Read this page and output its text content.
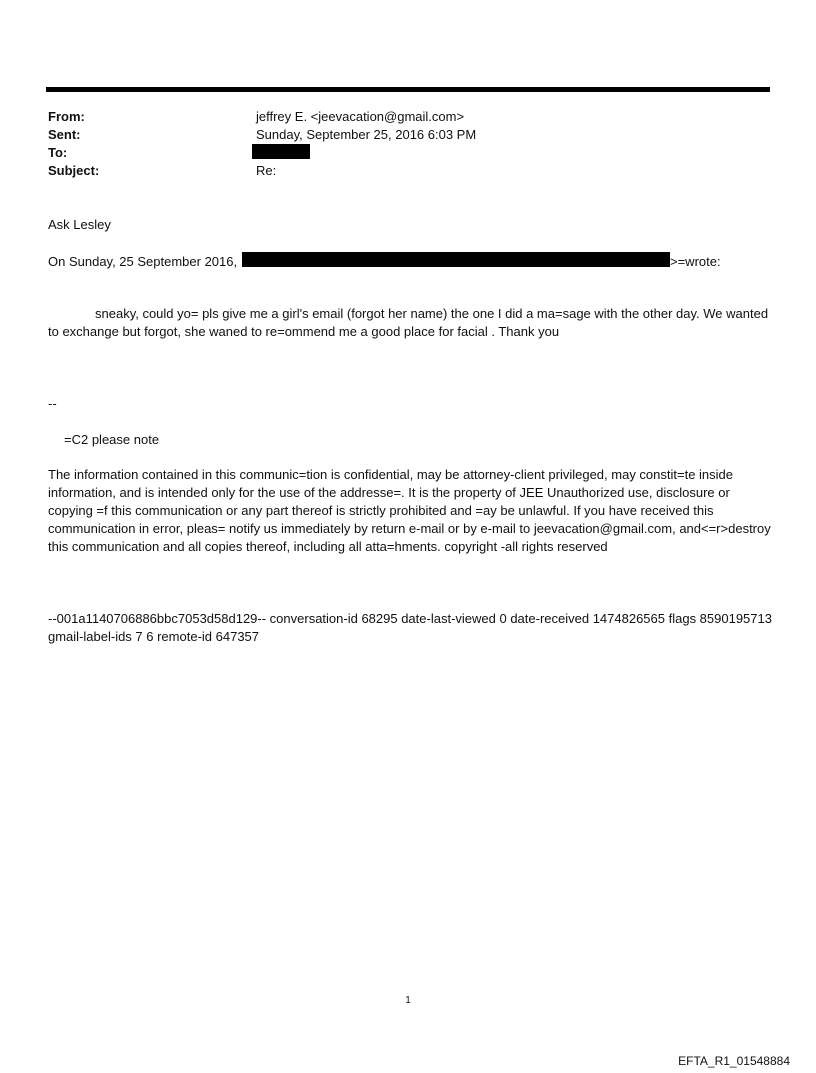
From:	jeffrey E. <jeevacation@gmail.com>
Sent:	Sunday, September 25, 2016 6:03 PM
To:
Subject:	Re:
Ask Lesley
On Sunday, 25 September 2016,	>=wrote:
sneaky, could yo= pls give me a girl's email (forgot her name) the one I did a ma=sage with the other day. We wanted to exchange but forgot, she waned to re=ommend me a good place for facial . Thank you
--
=C2 please note
The information contained in this communic=tion is confidential, may be attorney-client privileged, may constit=te inside information, and is intended only for the use of the addresse=. It is the property of JEE Unauthorized use, disclosure or copying =f this communication or any part thereof is strictly prohibited and =ay be unlawful. If you have received this communication in error, pleas= notify us immediately by return e-mail or by e-mail to jeevacation@gmail.com, and<=r>destroy this communication and all copies thereof, including all atta=hments. copyright -all rights reserved
--001a1140706886bbc7053d58d129-- conversation-id 68295 date-last-viewed 0 date-received 1474826565 flags 8590195713 gmail-label-ids 7 6 remote-id 647357
1
EFTA_R1_01548884
